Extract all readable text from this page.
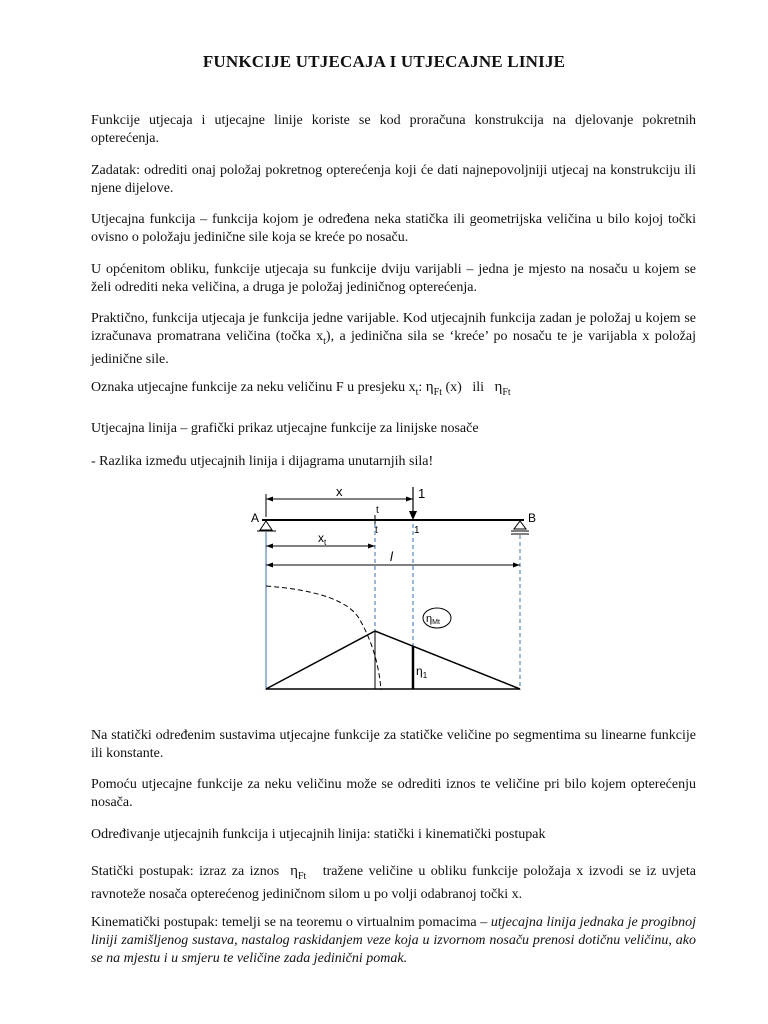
FUNKCIJE UTJECAJA I UTJECAJNE LINIJE

Funkcije utjecaja i utjecajne linije koriste se kod proračuna konstrukcija na djelovanje pokretnih opterećenja.

Zadatak: odrediti onaj položaj pokretnog opterećenja koji će dati najnepovoljniji utjecaj na konstrukciju ili njene dijelove.

Utjecajna funkcija – funkcija kojom je određena neka statička ili geometrijska veličina u bilo kojoj točki ovisno o položaju jedinične sile koja se kreće po nosaču.

U općenitom obliku, funkcije utjecaja su funkcije dviju varijabli – jedna je mjesto na nosaču u kojem se želi odrediti neka veličina, a druga je položaj jediničnog opterećenja.

Praktično, funkcija utjecaja je funkcija jedne varijable. Kod utjecajnih funkcija zadan je položaj u kojem se izračunava promatrana veličina (točka $x_t$), a jedinična sila se ‘kreće’ po nosaču te je varijabla x položaj jedinične sile.

Oznaka utjecajne funkcije za neku veličinu F u presjeku $x_t$: $\eta_{Ft}$ (x) ili $\eta_{Ft}$

Utjecajna linija – grafički prikaz utjecajne funkcije za linijske nosače

- Razlika između utjecajnih linija i dijagrama unutarnjih sila!

x	1
A	B
t
t	1
$x_t$
l
$\eta_1$
ηMt

Na statički određenim sustavima utjecajne funkcije za statičke veličine po segmentima su linearne funkcije ili konstante.

Pomoću utjecajne funkcije za neku veličinu može se odrediti iznos te veličine pri bilo kojem opterećenju nosača.

Određivanje utjecajnih funkcija i utjecajnih linija: statički i kinematički postupak

Statički postupak: izraz za iznos $\eta_{Ft}$ tražene veličine u obliku funkcije položaja x izvodi se iz uvjeta ravnoteže nosača opterećenog jediničnom silom u po volji odabranoj točki x.

Kinematički postupak: temelji se na teoremu o virtualnim pomacima – utjecajna linija jednaka je progibnoj liniji zamišljenog sustava, nastalog raskidanjem veze koja u izvornom nosaču prenosi dotičnu veličinu, ako se na mjestu i u smjeru te veličine zada jedinični pomak.
